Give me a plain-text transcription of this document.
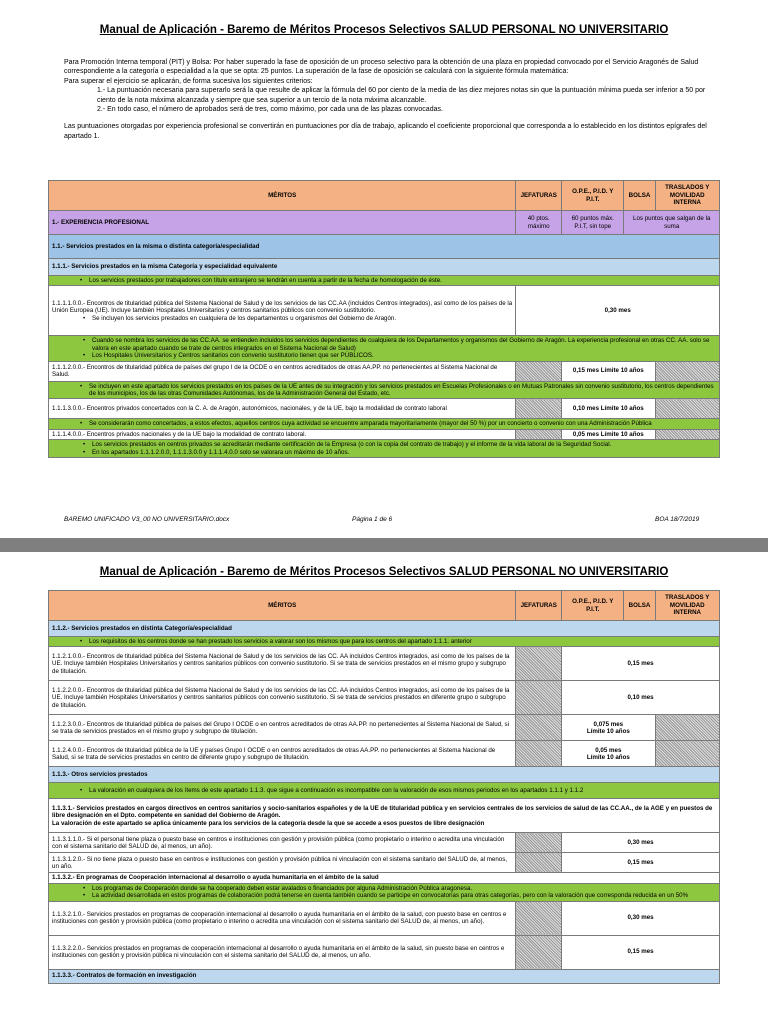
Manual de Aplicación - Baremo de Méritos Procesos Selectivos SALUD PERSONAL NO UNIVERSITARIO

Para Promoción Interna temporal (PIT) y Bolsa: Por haber superado la fase de oposición de un proceso selectivo para la obtención de una plaza en propiedad convocado por el Servicio Aragonés de Salud correspondiente a la categoría o especialidad a la que se opta: 25 puntos. La superación de la fase de oposición se calculará con la siguiente fórmula matemática:

Para superar el ejercicio se aplicarán, de forma sucesiva los siguientes criterios:

1.- La puntuación necesaria para superarlo será la que resulte de aplicar la fórmula del 60 por ciento de la media de las diez mejores notas sin que la puntuación mínima pueda ser inferior a 50 por ciento de la nota máxima alcanzada y siempre que sea superior a un tercio de la nota máxima alcanzable.

2.- En todo caso, el número de aprobados será de tres, como máximo, por cada una de las plazas convocadas.

Las puntuaciones otorgadas por experiencia profesional se convertirán en puntuaciones por día de trabajo, aplicando el coeficiente proporcional que corresponda a lo establecido en los distintos epígrafes del apartado 1.

MÉRITOS	JEFATURAS	O.P.E., P.I.D. Y P.I.T.	BOLSA	TRASLADOS Y MOVILIDAD INTERNA
1.- EXPERIENCIA PROFESIONAL	40 ptos. máximo	60 puntos máx. P.I.T, sin tope	Los puntos que salgan de la suma	
1.1.- Servicios prestados en la misma o distinta categoría/especialidad				
1.1.1.- Servicios prestados en la misma Categoría y especialidad equivalente				
• Los servicios prestados por trabajadores con título extranjero se tendrán en cuenta a partir de la fecha de homologación de éste.

1.1.1.1.0.0.- Encontros de titularidad pública del Sistema Nacional de Salud y de los servicios de las CC.AA (incluidos Centros integrados), así como de los países de la Unión Europea (UE). Incluye también Hospitales Universitarios y centros sanitarios públicos con convenio sustitutorio.
• Se incluyen los servicios prestados en cualquiera de los departamentos u organismos del Gobierno de Aragón.	0,30 mes			

• Cuando se nombra los servicios de las CC.AA. se entienden incluidos los servicios dependientes de cualquiera de los Departamentos y organismos del Gobierno de Aragón. La experiencia profesional en otras CC. AA. solo se valora en este apartado cuando se trate de centros integrados en el Sistema Nacional de Salud)
• Los Hospitales Universitarios y Centros sanitarios con convenio sustitutorio tienen que ser PÚBLICOS.

1.1.1.2.0.0.- Encontros de titularidad pública de países del grupo I de la OCDE o en centros acreditados de otras AA.PP. no pertenecientes al Sistema Nacional de Salud.		0,15 mes Límite 10 años		
• Se incluyen en este apartado los servicios prestados en los países de la UE antes de su integración y los servicios prestados en Escuelas Profesionales o en Mutuas Patronales sin convenio sustitutorio, los centros dependientes de los municipios, los de las otras Comunidades Autónomas, los de la Administración General del Estado, etc.
1.1.1.3.0.0.- Encentros privados concertados con la C. A. de Aragón, autonómicos, nacionales, y de la UE, bajo la modalidad de contrato laboral		0,10 mes Límite 10 años		
• Se considerarán como concertados, a estos efectos, aquellos centros cuya actividad se encuentre amparada mayoritariamente (mayor del 50 %) por un concierto o convenio con una Administración Pública
1.1.1.4.0.0.- Encentros privados nacionales y de la UE bajo la modalidad de contrato laboral.		0,05 mes Límite 10 años		

• Los servicios prestados en centros privados se acreditarán mediante certificación de la Empresa (o con la copia del contrato de trabajo) y el informe de la vida laboral de la Seguridad Social.
• En los apartados 1.1.1.2.0.0, 1.1.1.3.0.0 y 1.1.1.4.0.0 solo se valorara un máximo de 10 años.
BAREMO UNIFICADO V3_00 NO UNIVERSITARIO.docx	Página 1 de 6	BOA 18/7/2019
Manual de Aplicación - Baremo de Méritos Procesos Selectivos SALUD PERSONAL NO UNIVERSITARIO
MÉRITOS	JEFATURAS	O.P.E., P.I.D. Y P.I.T.	BOLSA	TRASLADOS Y MOVILIDAD INTERNA
1.1.2.- Servicios prestados en distinta Categoría/especialidad				
• Los requisitos de los centros donde se han prestado los servicios a valorar son los mismos que para los centros del apartado 1.1.1. anterior
1.1.2.1.0.0.- Encontros de titularidad pública del Sistema Nacional de Salud y de los servicios de las CC. AA incluidos Centros integrados, así como de los países de la UE. Incluye también Hospitales Universitarios y centros sanitarios públicos con convenio sustitutorio. Si se trata de servicios prestados en el mismo grupo y subgrupo de titulación.		0,15 mes		
1.1.2.2.0.0.- Encontros de titularidad pública del Sistema Nacional de Salud y de los servicios de las CC. AA incluidos Centros integrados, así como de los países de la UE. Incluye también Hospitales Universitarios y centros sanitarios públicos con convenio sustitutorio. Si se trata de servicios prestados en diferente grupo o subgrupo de titulación.		0,10 mes		
1.1.2.3.0.0.- Encontros de titularidad pública de países del Grupo I OCDE o en centros acreditados de otras AA.PP. no pertenecientes al Sistema Nacional de Salud, si se trata de servicios prestados en el mismo grupo y subgrupo de titulación.		0,075 mes
Límite 10 años		

1.1.2.4.0.0.- Encontros de titularidad pública de la UE y países Grupo I OCDE o en centros acreditados de otras AA.PP. no pertenecientes al Sistema Nacional de Salud, si se trata de servicios prestados en centro de diferente grupo y subgrupo de titulación.		0,05 mes
Límite 10 años		

1.1.3.- Otros servicios prestados				
• La valoración en cualquiera de los ítems de este apartado 1.1.3. que sigue a continuación es incompatible con la valoración de esos mismos periodos en los apartados 1.1.1 y 1.1.2

1.1.3.1.- Servicios prestados en cargos directivos en centros sanitarios y socio-sanitarios españoles y de la UE de titularidad pública y en servicios centrales de los servicios de salud de las CC.AA., de la AGE y en puestos de libre designación en el Dpto. competente en sanidad del Gobierno de Aragón.
La valoración de este apartado se aplica únicamente para los servicios de la categoría desde la que se accede a esos puestos de libre designación				

1.1.3.1.1.0.- Si el personal tiene plaza o puesto base en centros e instituciones con gestión y provisión pública (como propietario o interino o acredita una vinculación con el sistema sanitario del SALUD de, al menos, un año).		0,30 mes		
1.1.3.1.2.0.- Si no tiene plaza o puesto base en centros e instituciones con gestión y provisión pública ni vinculación con el sistema sanitario del SALUD de, al menos, un año.		0,15 mes		
1.1.3.2.- En programas de Cooperación internacional al desarrollo o ayuda humanitaria en el ámbito de la salud				

• Los programas de Cooperación donde se ha cooperado deben estar avalados o financiados por alguna Administración Pública aragonesa.
• La actividad desarrollada en estos programas de colaboración podrá tenerse en cuenta también cuando se participe en convocatorias para otras categorías, pero con la valoración que corresponda reducida en un 50%

1.1.3.2.1.0.- Servicios prestados en programas de cooperación internacional al desarrollo o ayuda humanitaria en el ámbito de la salud, con puesto base en centros e instituciones con gestión y provisión pública (como propietario o interino o acredita una vinculación con el sistema sanitario del SALUD de, al menos, un año).		0,30 mes		
1.1.3.2.2.0.- Servicios prestados en programas de cooperación internacional al desarrollo o ayuda humanitaria en el ámbito de la salud, sin puesto base en centros e instituciones con gestión y provisión pública ni vinculación con el sistema sanitario del SALUD de, al menos, un año.		0,15 mes		
1.1.3.3.- Contratos de formación en investigación				
